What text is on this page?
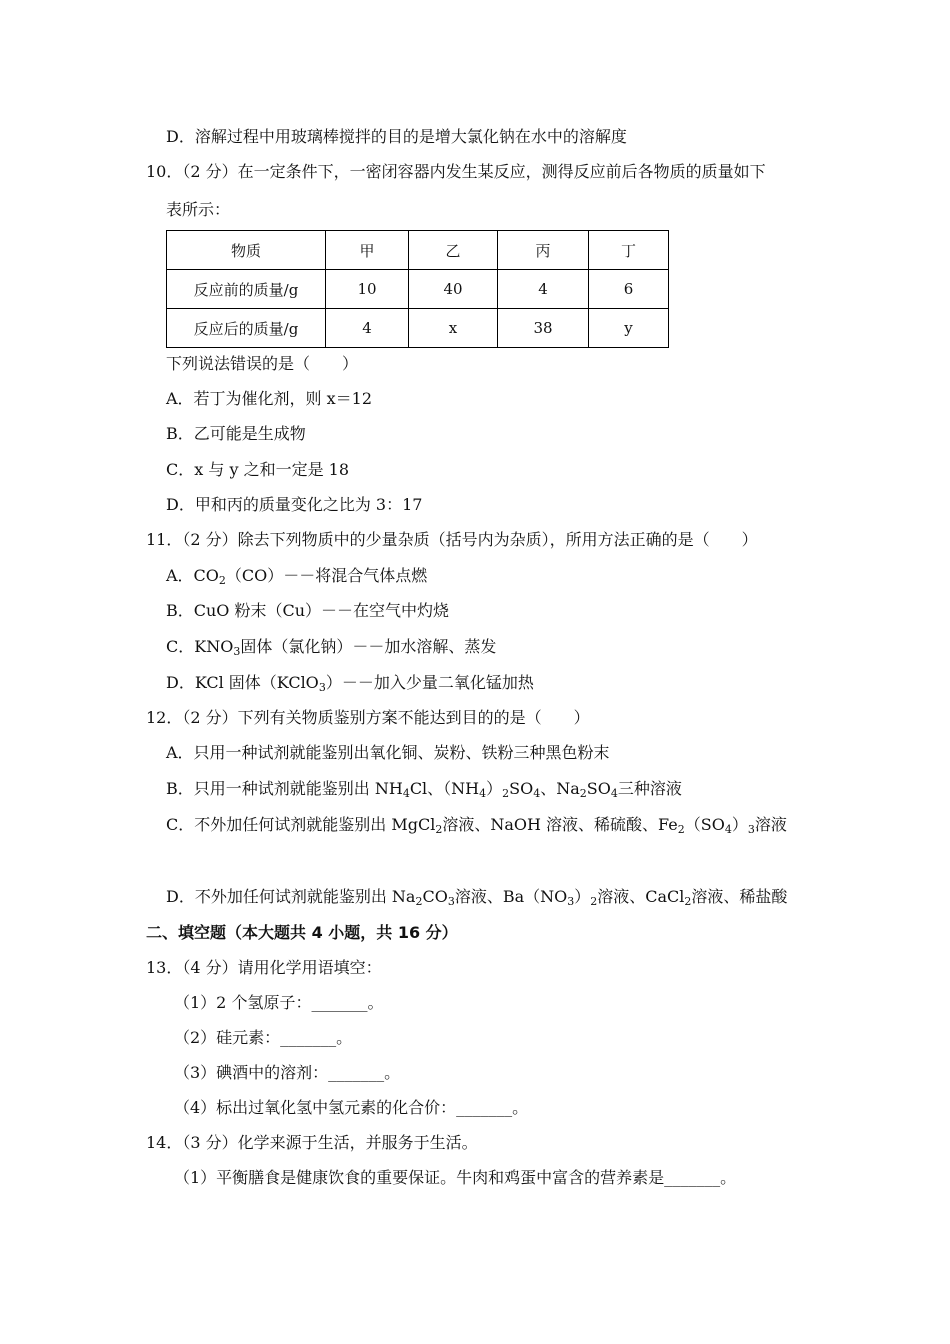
D．溶解过程中用玻璃棒搅拌的目的是增大氯化钠在水中的溶解度
10．（2 分）在一定条件下，一密闭容器内发生某反应，测得反应前后各物质的质量如下
表所示：
物质	甲	乙	丙	丁
反应前的质量/g	10	40	4	6
反应后的质量/g	4	x	38	y
下列说法错误的是（　　）
A．若丁为催化剂，则 x＝12
B．乙可能是生成物
C．x 与 y 之和一定是 18
D．甲和丙的质量变化之比为 3：17
11．（2 分）除去下列物质中的少量杂质（括号内为杂质），所用方法正确的是（　　）
A．$CO_2(CO)--$将混合气体点燃
B．CuO 粉末（Cu）－－在空气中灼烧
C．$KNO_3$固体（氯化钠）－－加水溶解、蒸发
D．KCl 固体（KClO$_3$）－－加入少量二氧化锰加热
12．（2 分）下列有关物质鉴别方案不能达到目的的是（　　）
A．只用一种试剂就能鉴别出氧化铜、炭粉、铁粉三种黑色粉末
B．只用一种试剂就能鉴别出 $NH_4Cl$、$(NH_4)_2SO_4$、$Na_2SO_4$三种溶液
C．不外加任何试剂就能鉴别出 MgCl$_2$溶液、NaOH 溶液、稀硫酸、$Fe_2(SO_4)_3$溶液
D．不外加任何试剂就能鉴别出 $Na_2CO_3$溶液、$Ba(NO_3)_2$溶液、CaCl$_2$溶液、稀盐酸
二、填空题（本大题共 4 小题，共 16 分）
13．（4 分）请用化学用语填空：
（1）2 个氢原子：_______。
（2）硅元素：_______。
（3）碘酒中的溶剂：_______。
（4）标出过氧化氢中氢元素的化合价：_______。
14．（3 分）化学来源于生活，并服务于生活。
（1）平衡膳食是健康饮食的重要保证。牛肉和鸡蛋中富含的营养素是_______。
